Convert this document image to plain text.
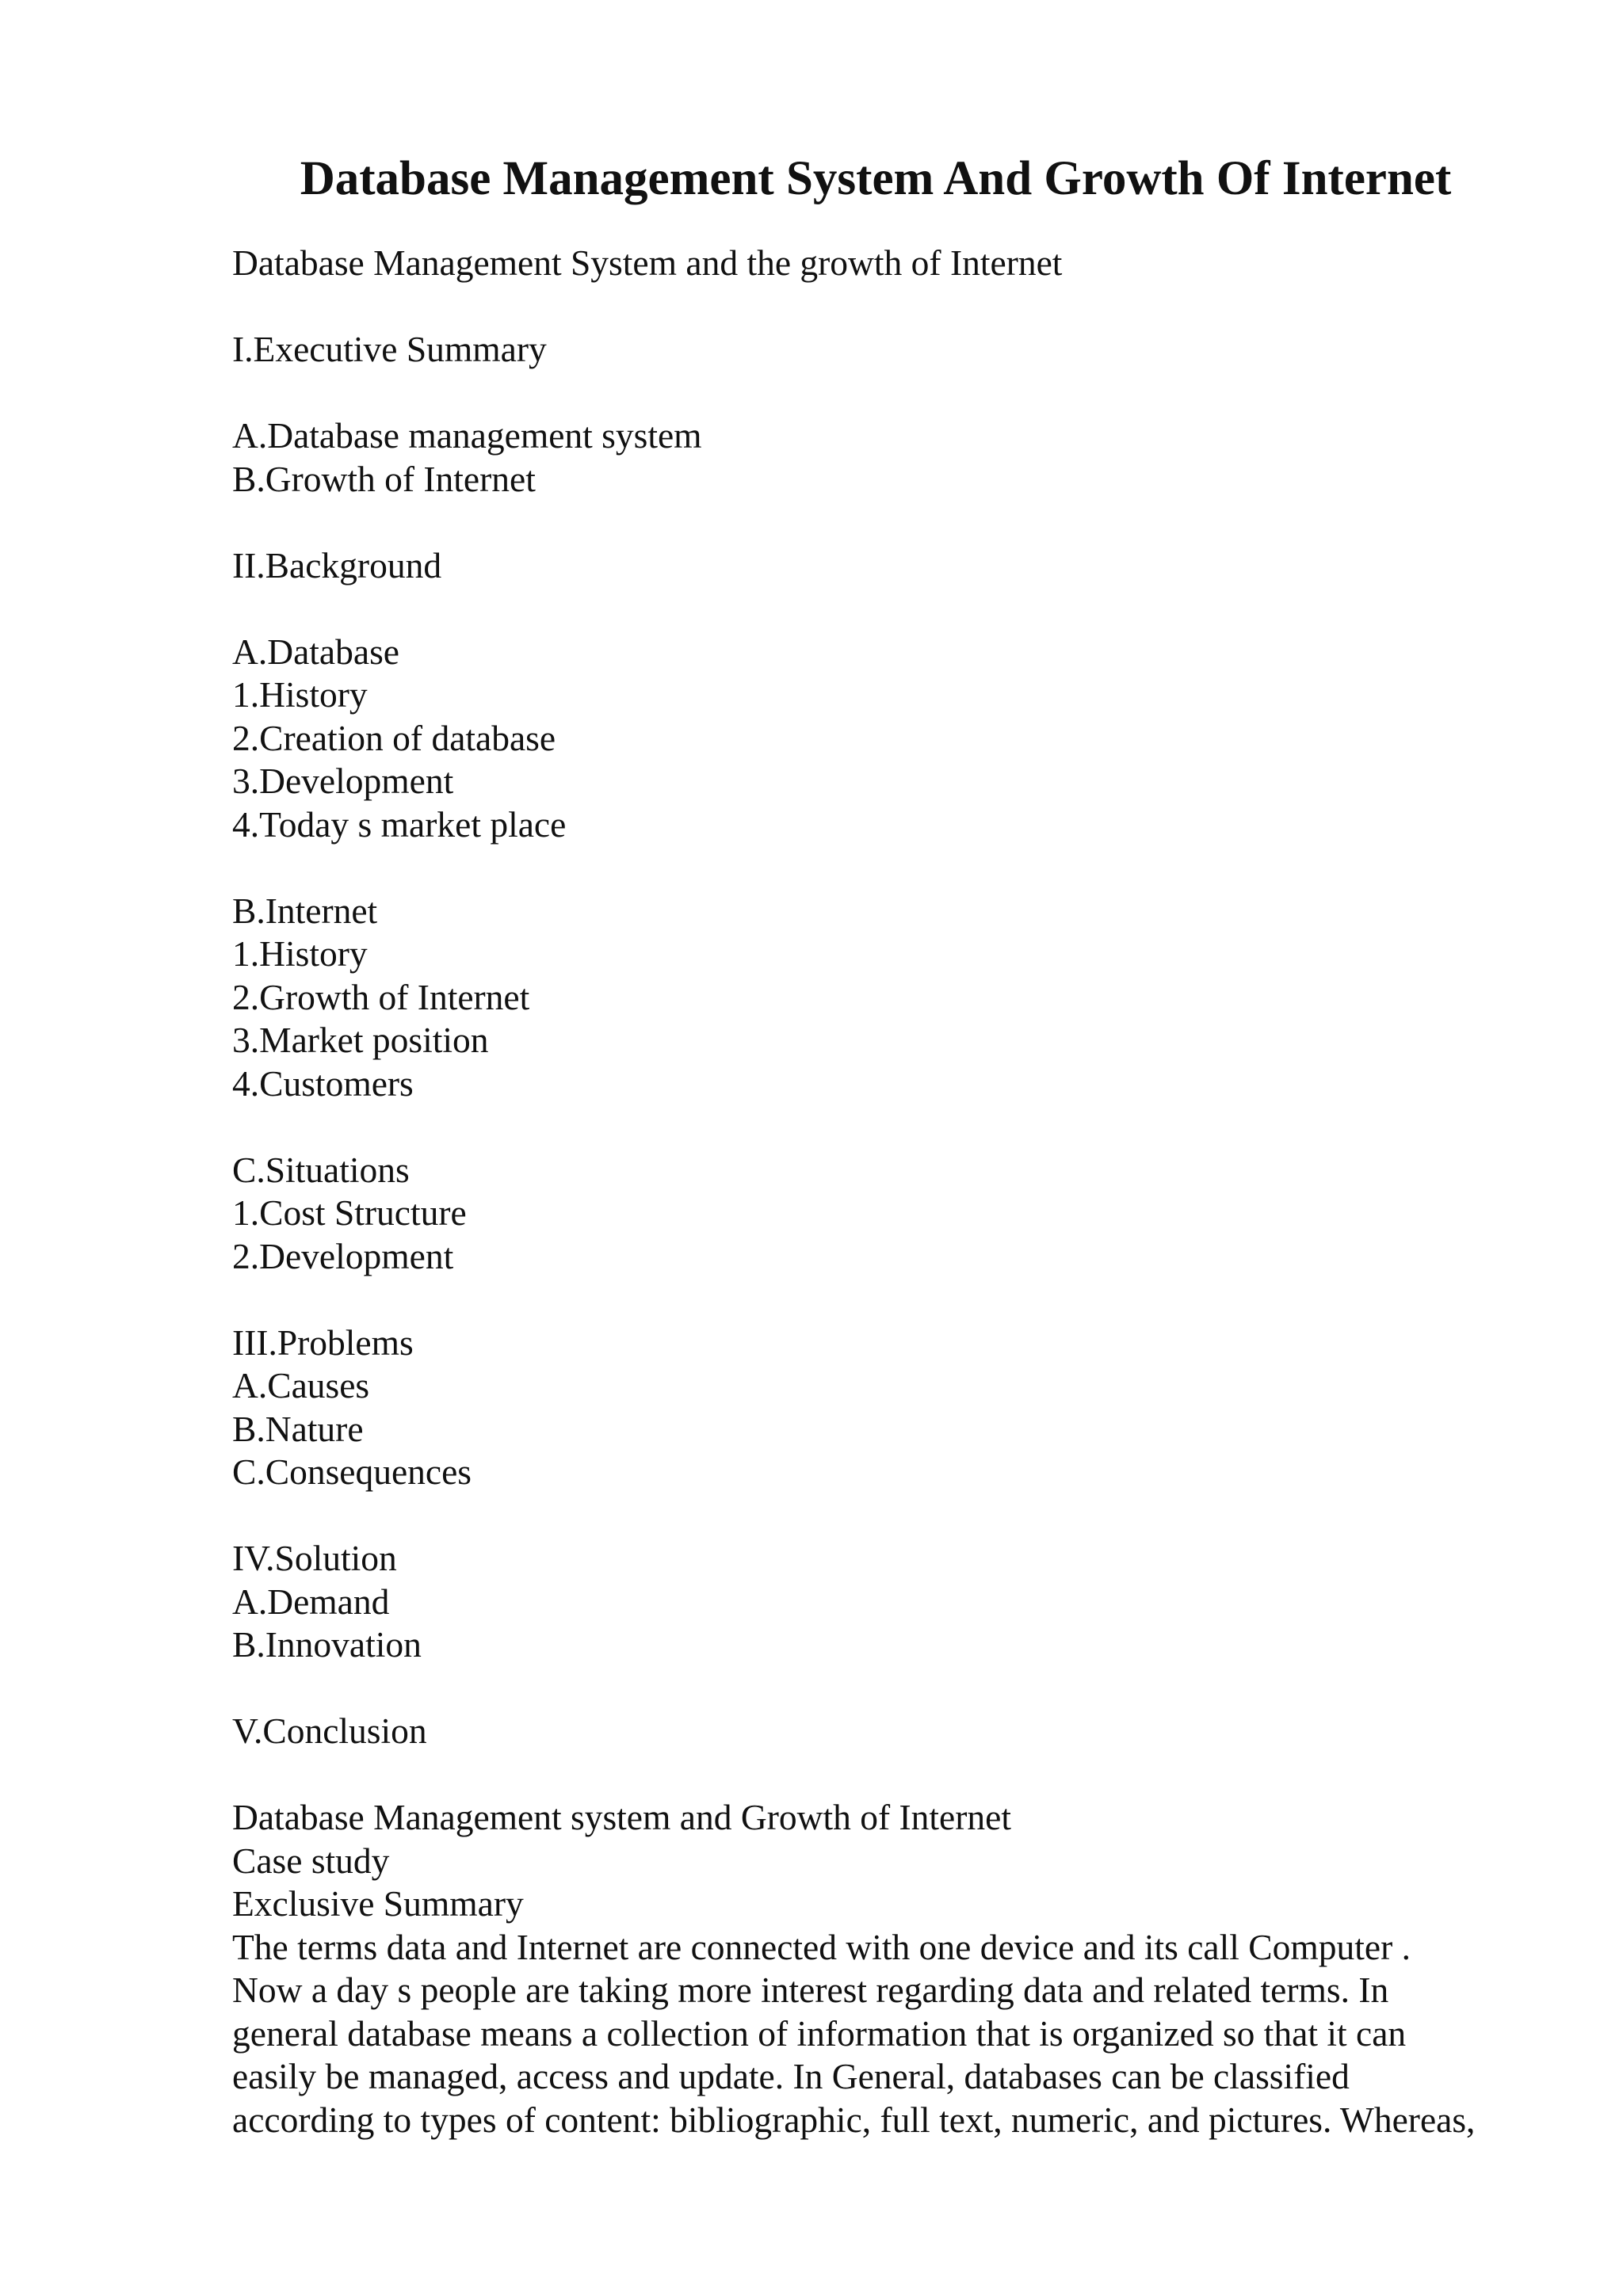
Database Management System And Growth Of Internet
Database Management System and the growth of Internet
I.Executive Summary
A.Database management system
B.Growth of Internet
II.Background
A.Database
1.History
2.Creation of database
3.Development
4.Today s market place
B.Internet
1.History
2.Growth of Internet
3.Market position
4.Customers
C.Situations
1.Cost Structure
2.Development
III.Problems
A.Causes
B.Nature
C.Consequences
IV.Solution
A.Demand
B.Innovation
V.Conclusion
Database Management system and Growth of Internet
Case study
Exclusive Summary
The terms data and Internet are connected with one device and its call Computer .
Now a day s people are taking more interest regarding data and related terms. In
general database means a collection of information that is organized so that it can
easily be managed, access and update. In General, databases can be classified
according to types of content: bibliographic, full text, numeric, and pictures. Whereas,
